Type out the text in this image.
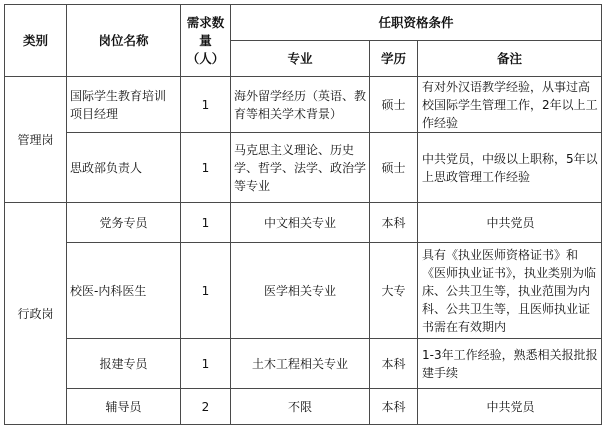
类别	岗位名称	需求数量（人）	任职资格条件		
			专业	学历	备注
管理岗	国际学生教育培训项目经理	1	海外留学经历（英语、教育等相关学术背景）	硕士	有对外汉语教学经验，从事过高校国际学生管理工作，2年以上工作经验
	思政部负责人	1	马克思主义理论、历史学、哲学、法学、政治学等专业	硕士	中共党员，中级以上职称，5年以上思政管理工作经验
行政岗	党务专员	1	中文相关专业	本科	中共党员
	校医-内科医生	1	医学相关专业	大专	具有《执业医师资格证书》和《医师执业证书》，执业类别为临床、公共卫生等，执业范围为内科、公共卫生等，且医师执业证书需在有效期内
	报建专员	1	土木工程相关专业	本科	1-3年工作经验，熟悉相关报批报建手续
	辅导员	2	不限	本科	中共党员
